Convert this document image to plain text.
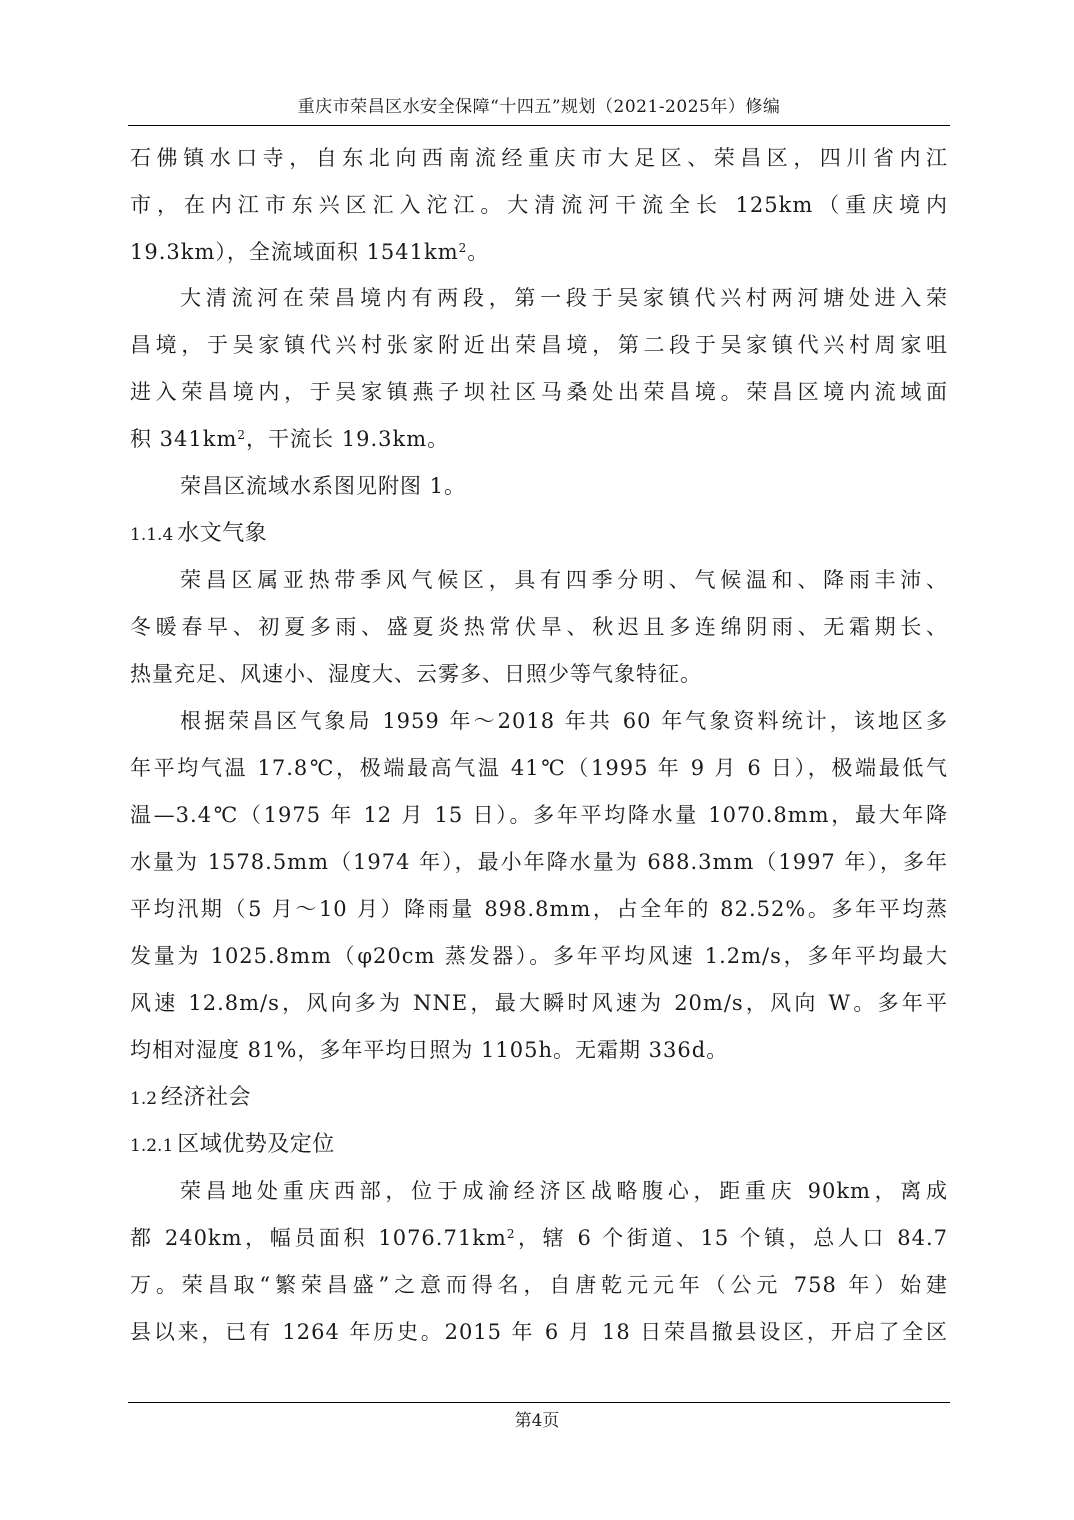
重庆市荣昌区水安全保障“十四五”规划（2021-2025年）修编
石佛镇水口寺，自东北向西南流经重庆市大足区、荣昌区，四川省内江
市，在内江市东兴区汇入沱江。大清流河干流全长 125km（重庆境内
19.3km），全流域面积 $1541km^2$。
大清流河在荣昌境内有两段，第一段于吴家镇代兴村两河塘处进入荣
昌境，于吴家镇代兴村张家附近出荣昌境，第二段于吴家镇代兴村周家咀
进入荣昌境内，于吴家镇燕子坝社区马桑处出荣昌境。荣昌区境内流域面
积 $341km^2$，干流长 19.3km。
荣昌区流域水系图见附图 1。
1.1.4 水文气象
荣昌区属亚热带季风气候区，具有四季分明、气候温和、降雨丰沛、
冬暖春早、初夏多雨、盛夏炎热常伏旱、秋迟且多连绵阴雨、无霜期长、
热量充足、风速小、湿度大、云雾多、日照少等气象特征。
根据荣昌区气象局 1959 年～2018 年共 60 年气象资料统计，该地区多
年平均气温 17.8℃，极端最高气温 41℃（1995 年 9 月 6 日），极端最低气
温—3.4℃（1975 年 12 月 15 日）。多年平均降水量 1070.8mm，最大年降
水量为 1578.5mm（1974 年），最小年降水量为 688.3mm（1997 年），多年
平均汛期（5 月～10 月）降雨量 898.8mm，占全年的 82.52%。多年平均蒸
发量为 1025.8mm（φ20cm 蒸发器）。多年平均风速 1.2m/s，多年平均最大
风速 12.8m/s，风向多为 NNE，最大瞬时风速为 20m/s，风向 W。多年平
均相对湿度 81%，多年平均日照为 1105h。无霜期 336d。
1.2 经济社会
1.2.1 区域优势及定位
荣昌地处重庆西部，位于成渝经济区战略腹心，距重庆 90km，离成
都 240km，幅员面积 $1076.71km^2$，辖 6 个街道、15 个镇，总人口 84.7
万。荣昌取“繁荣昌盛”之意而得名，自唐乾元元年（公元 758 年）始建
县以来，已有 1264 年历史。2015 年 6 月 18 日荣昌撤县设区，开启了全区
第4页
